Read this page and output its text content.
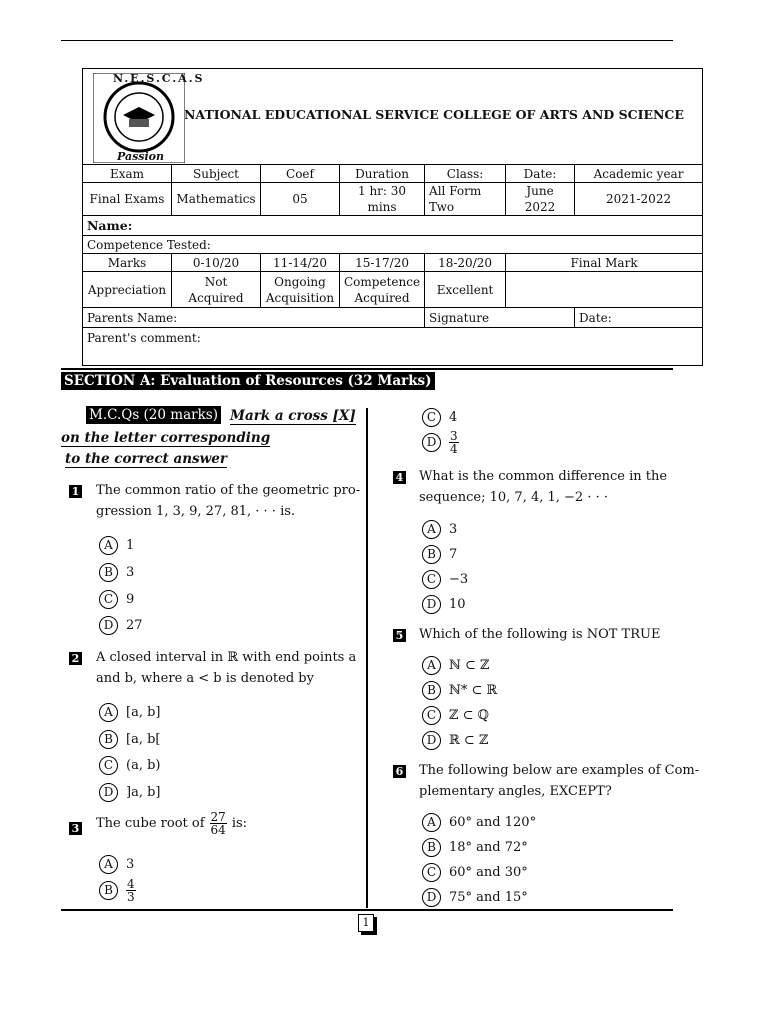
N.E.S.C.A.S
Passion
NATIONAL EDUCATIONAL SERVICE COLLEGE OF ARTS AND SCIENCE						

Exam	Subject	Coef	Duration	Class:	Date:	Academic year
Final Exams	Mathematics	05	1 hr: 30 mins	All Form Two	June 2022	2021-2022
Name:						
Competence Tested:						
Marks	0-10/20	11-14/20	15-17/20	18-20/20	Final Mark	
Appreciation	Not Acquired	Ongoing Acquisition	Competence Acquired	Excellent		
Parents Name:				Signature		Date:
Parent's comment:						
SECTION A: Evaluation of Resources (32 Marks)
M.C.Qs (20 marks) Mark a cross [X]
on the letter corresponding
to the correct answer
1 The common ratio of the geometric pro-
gression 1, 3, 9, 27, 81, · · · is.
A	1
B	3
C 9
D 27
2 A closed interval in ℝ with end points a
and b, where a < b is denoted by
A	[a, b]
B	[a, b[
C (a, b)
D ]a, b]
3 The cube root of $\frac{27}{64}$ is:
A	3
B	$\frac{4}{3}$
C 4
D	$\frac{3}{4}$
4 What is the common difference in the
sequence; 10, 7, 4, 1, −2 · · ·
A	3
B	7
C −3
D 10
5 Which of the following is NOT TRUE
A	ℕ ⊂ ℤ
B	ℕ* ⊂ ℝ
C ℤ ⊂ ℚ
D ℝ ⊂ ℤ
6 The following below are examples of Com-
plementary angles, EXCEPT?
A	60° and 120°
B	18° and 72°
C 60° and 30°
D 75° and 15°
1
